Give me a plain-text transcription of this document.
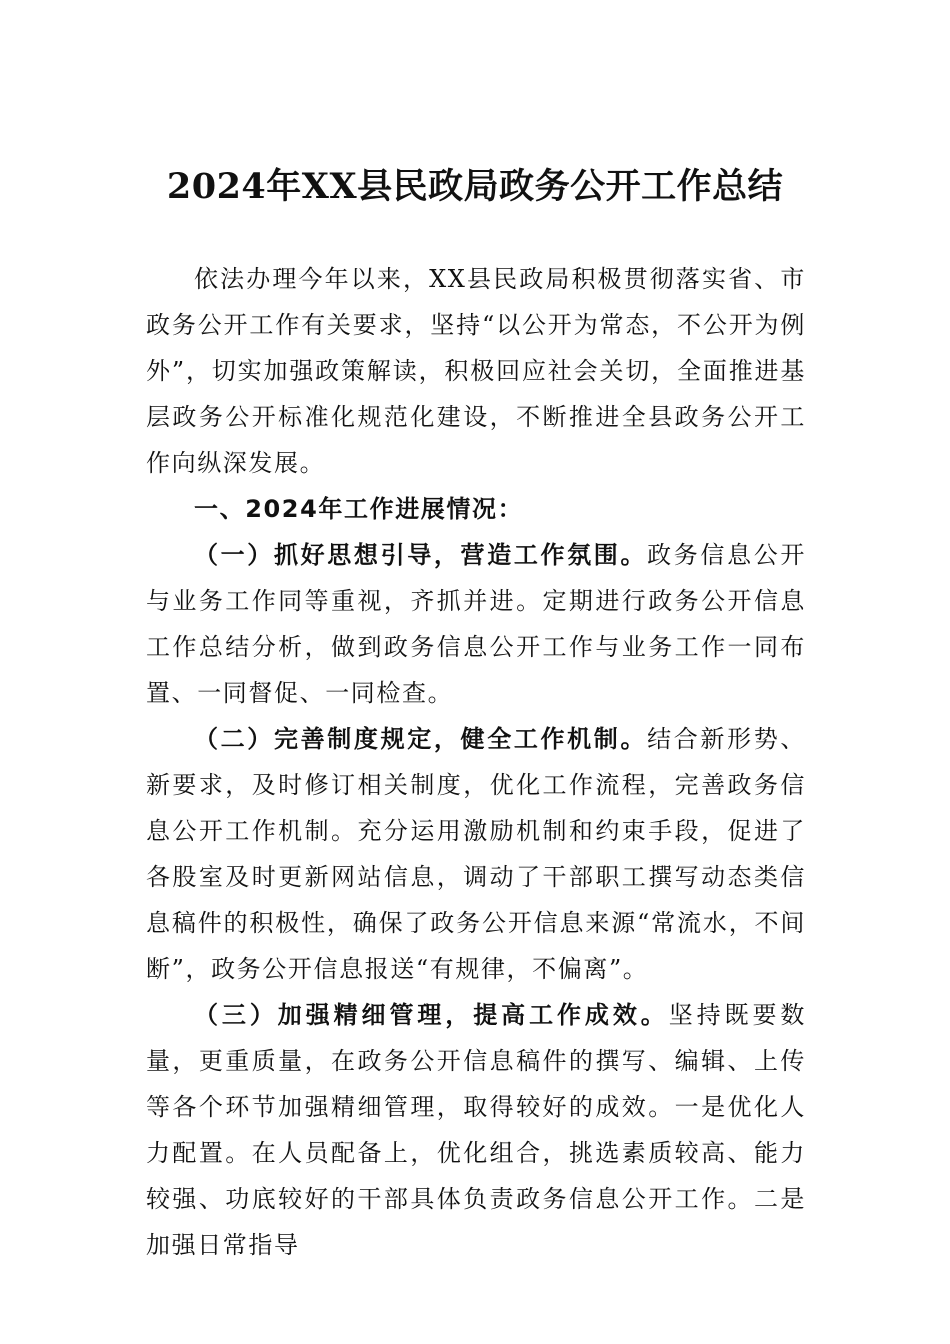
2024年XX县民政局政务公开工作总结

依法办理今年以来，XX县民政局积极贯彻落实省、市政务公开工作有关要求，坚持“以公开为常态，不公开为例外”，切实加强政策解读，积极回应社会关切，全面推进基层政务公开标准化规范化建设，不断推进全县政务公开工作向纵深发展。

一、2024年工作进展情况：

（一）抓好思想引导，营造工作氛围。政务信息公开与业务工作同等重视，齐抓并进。定期进行政务公开信息工作总结分析，做到政务信息公开工作与业务工作一同布置、一同督促、一同检查。

（二）完善制度规定，健全工作机制。结合新形势、新要求，及时修订相关制度，优化工作流程，完善政务信息公开工作机制。充分运用激励机制和约束手段，促进了各股室及时更新网站信息，调动了干部职工撰写动态类信息稿件的积极性，确保了政务公开信息来源“常流水，不间断”，政务公开信息报送“有规律，不偏离”。

（三）加强精细管理，提高工作成效。坚持既要数量，更重质量，在政务公开信息稿件的撰写、编辑、上传等各个环节加强精细管理，取得较好的成效。一是优化人力配置。在人员配备上，优化组合，挑选素质较高、能力较强、功底较好的干部具体负责政务信息公开工作。二是加强日常指导
